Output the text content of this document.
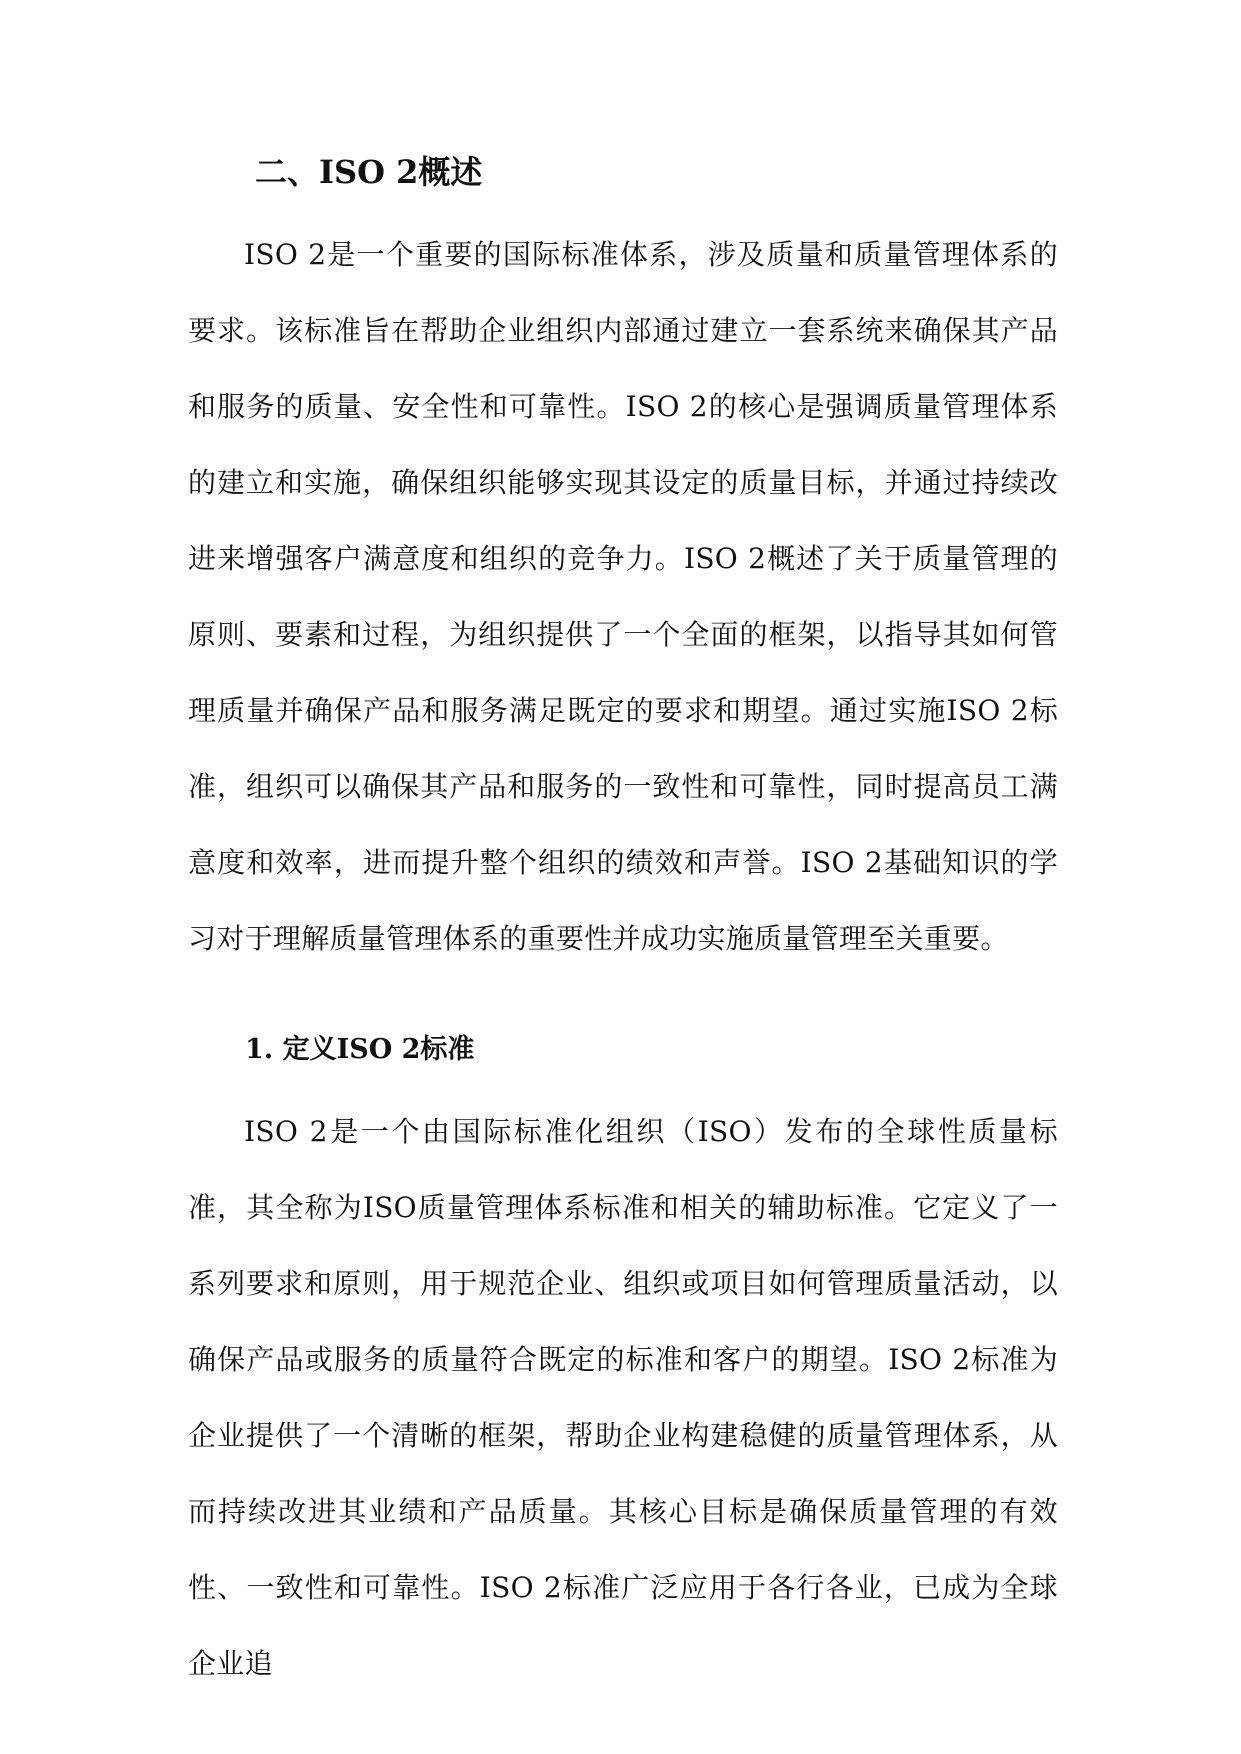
二、ISO 2概述

ISO 2是一个重要的国际标准体系，涉及质量和质量管理体系的要求。该标准旨在帮助企业组织内部通过建立一套系统来确保其产品和服务的质量、安全性和可靠性。ISO 2的核心是强调质量管理体系的建立和实施，确保组织能够实现其设定的质量目标，并通过持续改进来增强客户满意度和组织的竞争力。ISO 2概述了关于质量管理的原则、要素和过程，为组织提供了一个全面的框架，以指导其如何管理质量并确保产品和服务满足既定的要求和期望。通过实施ISO 2标准，组织可以确保其产品和服务的一致性和可靠性，同时提高员工满意度和效率，进而提升整个组织的绩效和声誉。ISO 2基础知识的学习对于理解质量管理体系的重要性并成功实施质量管理至关重要。

1. 定义ISO 2标准

ISO 2是一个由国际标准化组织（ISO）发布的全球性质量标准，其全称为ISO质量管理体系标准和相关的辅助标准。它定义了一系列要求和原则，用于规范企业、组织或项目如何管理质量活动，以确保产品或服务的质量符合既定的标准和客户的期望。ISO 2标准为企业提供了一个清晰的框架，帮助企业构建稳健的质量管理体系，从而持续改进其业绩和产品质量。其核心目标是确保质量管理的有效性、一致性和可靠性。ISO 2标准广泛应用于各行各业，已成为全球企业追
